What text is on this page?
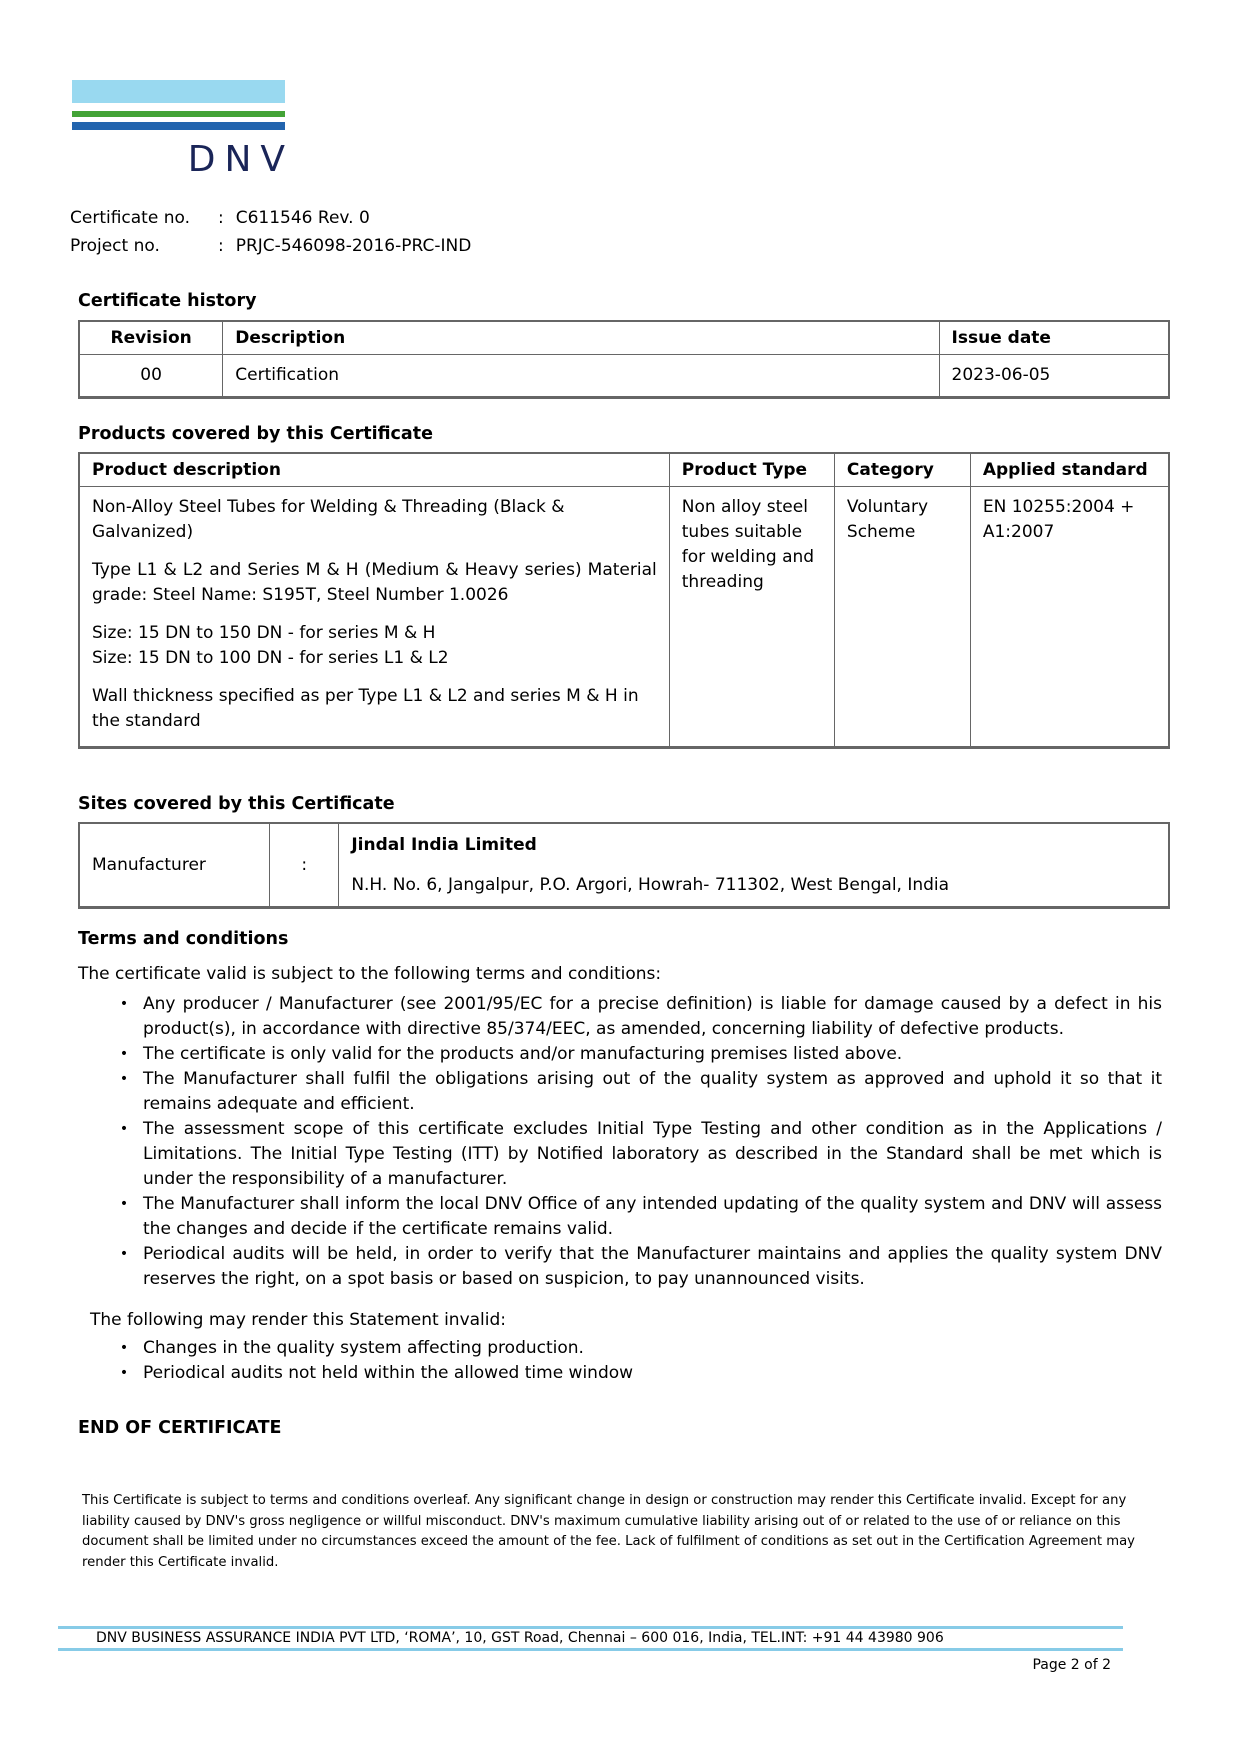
DNV
Certificate no.	: C611546 Rev. 0
Project no.	: PRJC-546098-2016-PRC-IND
Certificate history
Revision	Description	Issue date
00	Certification	2023-06-05
Products covered by this Certificate
Product description	Product Type	Category	Applied standard

Non-Alloy Steel Tubes for Welding & Threading (Black & Galvanized)

Type L1 & L2 and Series M & H (Medium & Heavy series) Material grade: Steel Name: S195T, Steel Number 1.0026

Size: 15 DN to 150 DN - for series M & H

Size: 15 DN to 100 DN - for series L1 & L2

Wall thickness specified as per Type L1 & L2 and series M & H in the standard	Non alloy steel tubes suitable for welding and threading	Voluntary Scheme	EN 10255:2004 + A1:2007
Sites covered by this Certificate
Manufacturer	:	

Jindal India Limited

N.H. No. 6, Jangalpur, P.O. Argori, Howrah- 711302, West Bengal, India

Terms and conditions
The certificate valid is subject to the following terms and conditions:
• Any producer / Manufacturer (see 2001/95/EC for a precise definition) is liable for damage caused by a defect in his product(s), in accordance with directive 85/374/EEC, as amended, concerning liability of defective products.
• The certificate is only valid for the products and/or manufacturing premises listed above.
• The Manufacturer shall fulfil the obligations arising out of the quality system as approved and uphold it so that it remains adequate and efficient.
• The assessment scope of this certificate excludes Initial Type Testing and other condition as in the Applications / Limitations. The Initial Type Testing (ITT) by Notified laboratory as described in the Standard shall be met which is under the responsibility of a manufacturer.
• The Manufacturer shall inform the local DNV Office of any intended updating of the quality system and DNV will assess the changes and decide if the certificate remains valid.
• Periodical audits will be held, in order to verify that the Manufacturer maintains and applies the quality system DNV reserves the right, on a spot basis or based on suspicion, to pay unannounced visits.
The following may render this Statement invalid:
• Changes in the quality system affecting production.
• Periodical audits not held within the allowed time window
END OF CERTIFICATE
This Certificate is subject to terms and conditions overleaf. Any significant change in design or construction may render this Certificate invalid. Except for any liability caused by DNV's gross negligence or willful misconduct. DNV's maximum cumulative liability arising out of or related to the use of or reliance on this document shall be limited under no circumstances exceed the amount of the fee. Lack of fulfilment of conditions as set out in the Certification Agreement may render this Certificate invalid.
DNV BUSINESS ASSURANCE INDIA PVT LTD, ‘ROMA’, 10, GST Road, Chennai – 600 016, India, TEL.INT: +91 44 43980 906
Page 2 of 2
